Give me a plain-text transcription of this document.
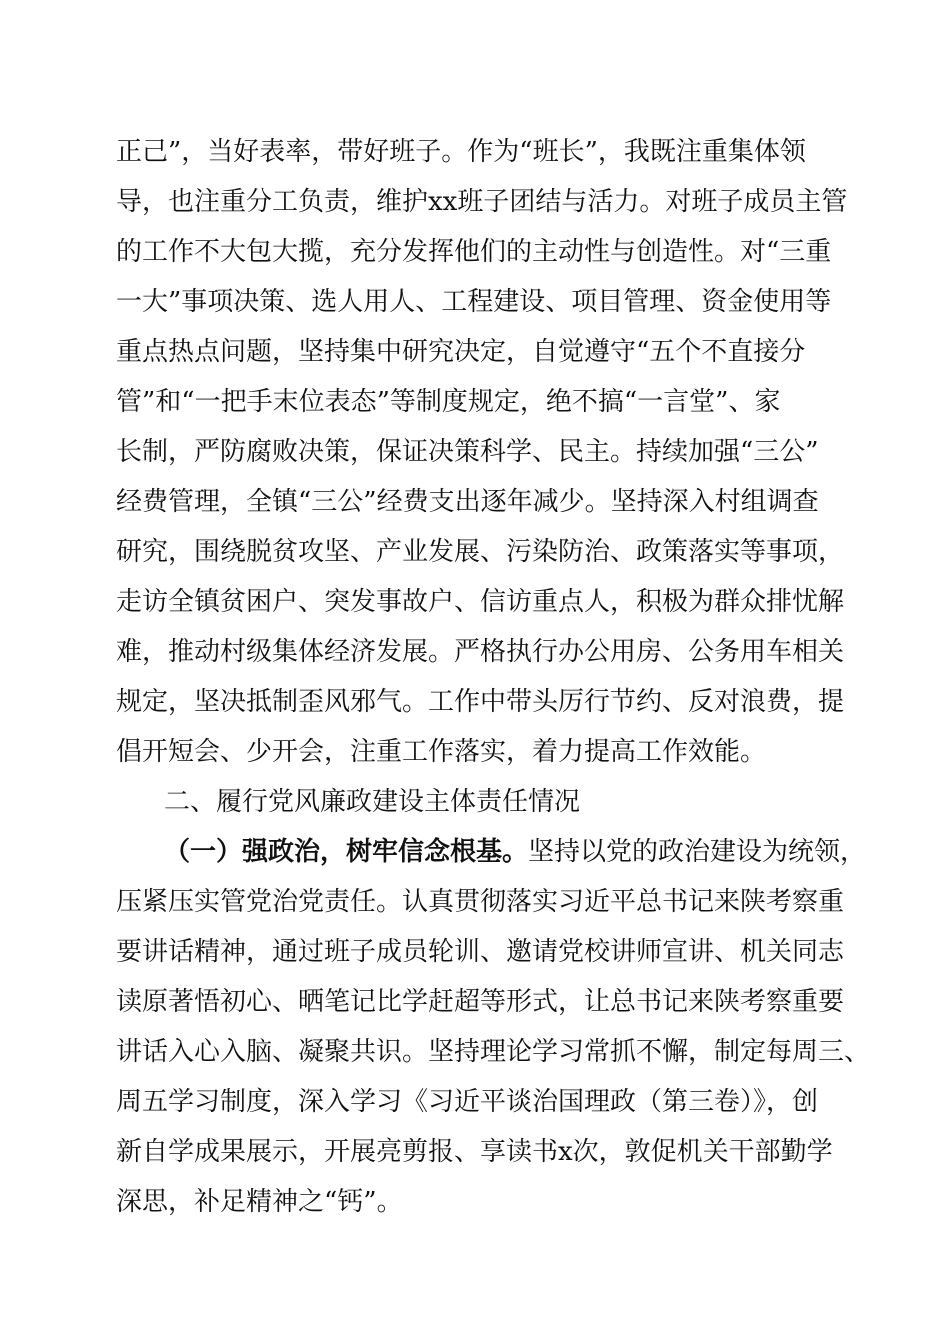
正己”，当好表率，带好班子。作为“班长”，我既注重集体领
导，也注重分工负责，维护xx班子团结与活力。对班子成员主管
的工作不大包大揽，充分发挥他们的主动性与创造性。对“三重
一大”事项决策、选人用人、工程建设、项目管理、资金使用等
重点热点问题，坚持集中研究决定，自觉遵守“五个不直接分
管”和“一把手末位表态”等制度规定，绝不搞“一言堂”、家
长制，严防腐败决策，保证决策科学、民主。持续加强“三公”
经费管理，全镇“三公”经费支出逐年减少。坚持深入村组调查
研究，围绕脱贫攻坚、产业发展、污染防治、政策落实等事项，
走访全镇贫困户、突发事故户、信访重点人，积极为群众排忧解
难，推动村级集体经济发展。严格执行办公用房、公务用车相关
规定，坚决抵制歪风邪气。工作中带头厉行节约、反对浪费，提
倡开短会、少开会，注重工作落实，着力提高工作效能。
二、履行党风廉政建设主体责任情况
（一）强政治，树牢信念根基。坚持以党的政治建设为统领，
压紧压实管党治党责任。认真贯彻落实习近平总书记来陕考察重
要讲话精神，通过班子成员轮训、邀请党校讲师宣讲、机关同志
读原著悟初心、晒笔记比学赶超等形式，让总书记来陕考察重要
讲话入心入脑、凝聚共识。坚持理论学习常抓不懈，制定每周三、
周五学习制度，深入学习《习近平谈治国理政（第三卷）》，创
新自学成果展示，开展亮剪报、享读书x次，敦促机关干部勤学
深思，补足精神之“钙”。
